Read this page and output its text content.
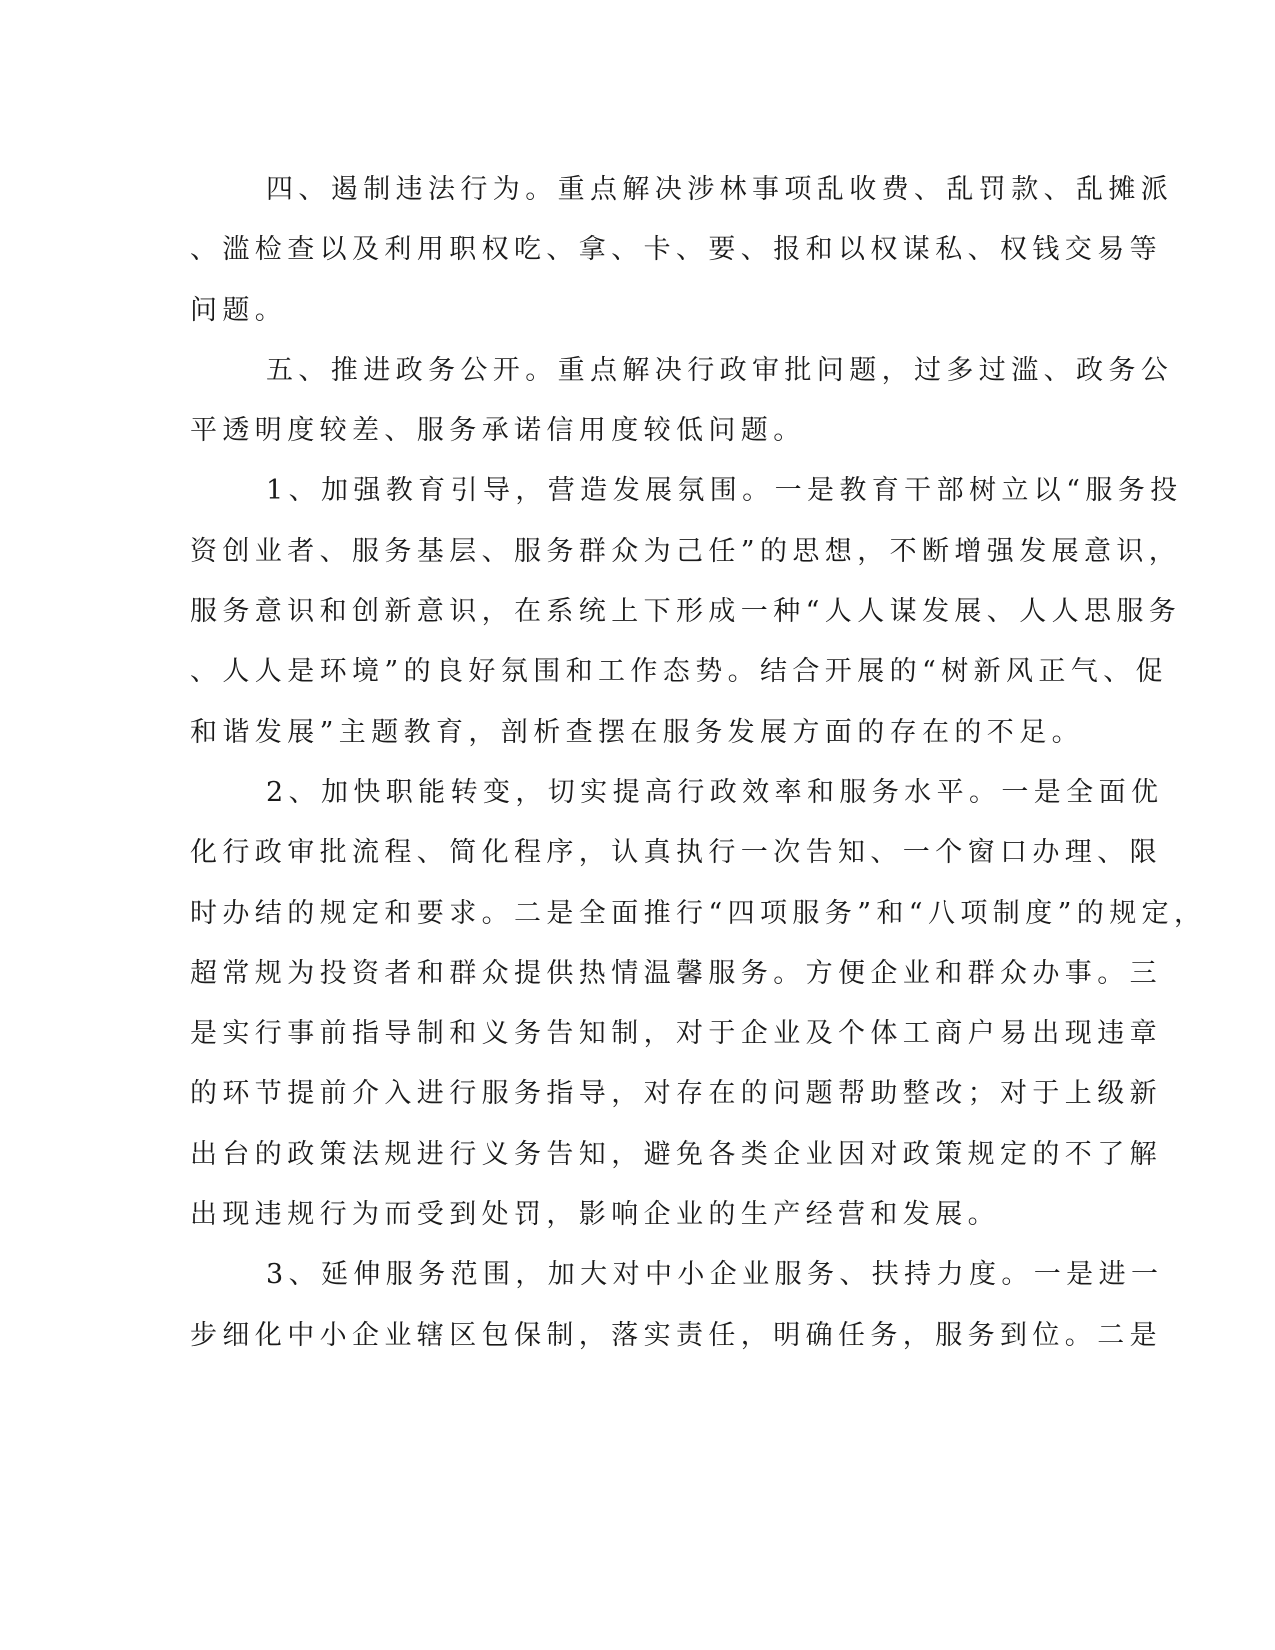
四、遏制违法行为。重点解决涉林事项乱收费、乱罚款、乱摊派
、滥检查以及利用职权吃、拿、卡、要、报和以权谋私、权钱交易等
问题。

五、推进政务公开。重点解决行政审批问题，过多过滥、政务公
平透明度较差、服务承诺信用度较低问题。

1、加强教育引导，营造发展氛围。一是教育干部树立以“服务投
资创业者、服务基层、服务群众为己任”的思想，不断增强发展意识，
服务意识和创新意识，在系统上下形成一种“人人谋发展、人人思服务
、人人是环境”的良好氛围和工作态势。结合开展的“树新风正气、促
和谐发展”主题教育，剖析查摆在服务发展方面的存在的不足。

2、加快职能转变，切实提高行政效率和服务水平。一是全面优
化行政审批流程、简化程序，认真执行一次告知、一个窗口办理、限
时办结的规定和要求。二是全面推行“四项服务”和“八项制度”的规定，
超常规为投资者和群众提供热情温馨服务。方便企业和群众办事。三
是实行事前指导制和义务告知制，对于企业及个体工商户易出现违章
的环节提前介入进行服务指导，对存在的问题帮助整改；对于上级新
出台的政策法规进行义务告知，避免各类企业因对政策规定的不了解
出现违规行为而受到处罚，影响企业的生产经营和发展。

3、延伸服务范围，加大对中小企业服务、扶持力度。一是进一
步细化中小企业辖区包保制，落实责任，明确任务，服务到位。二是
